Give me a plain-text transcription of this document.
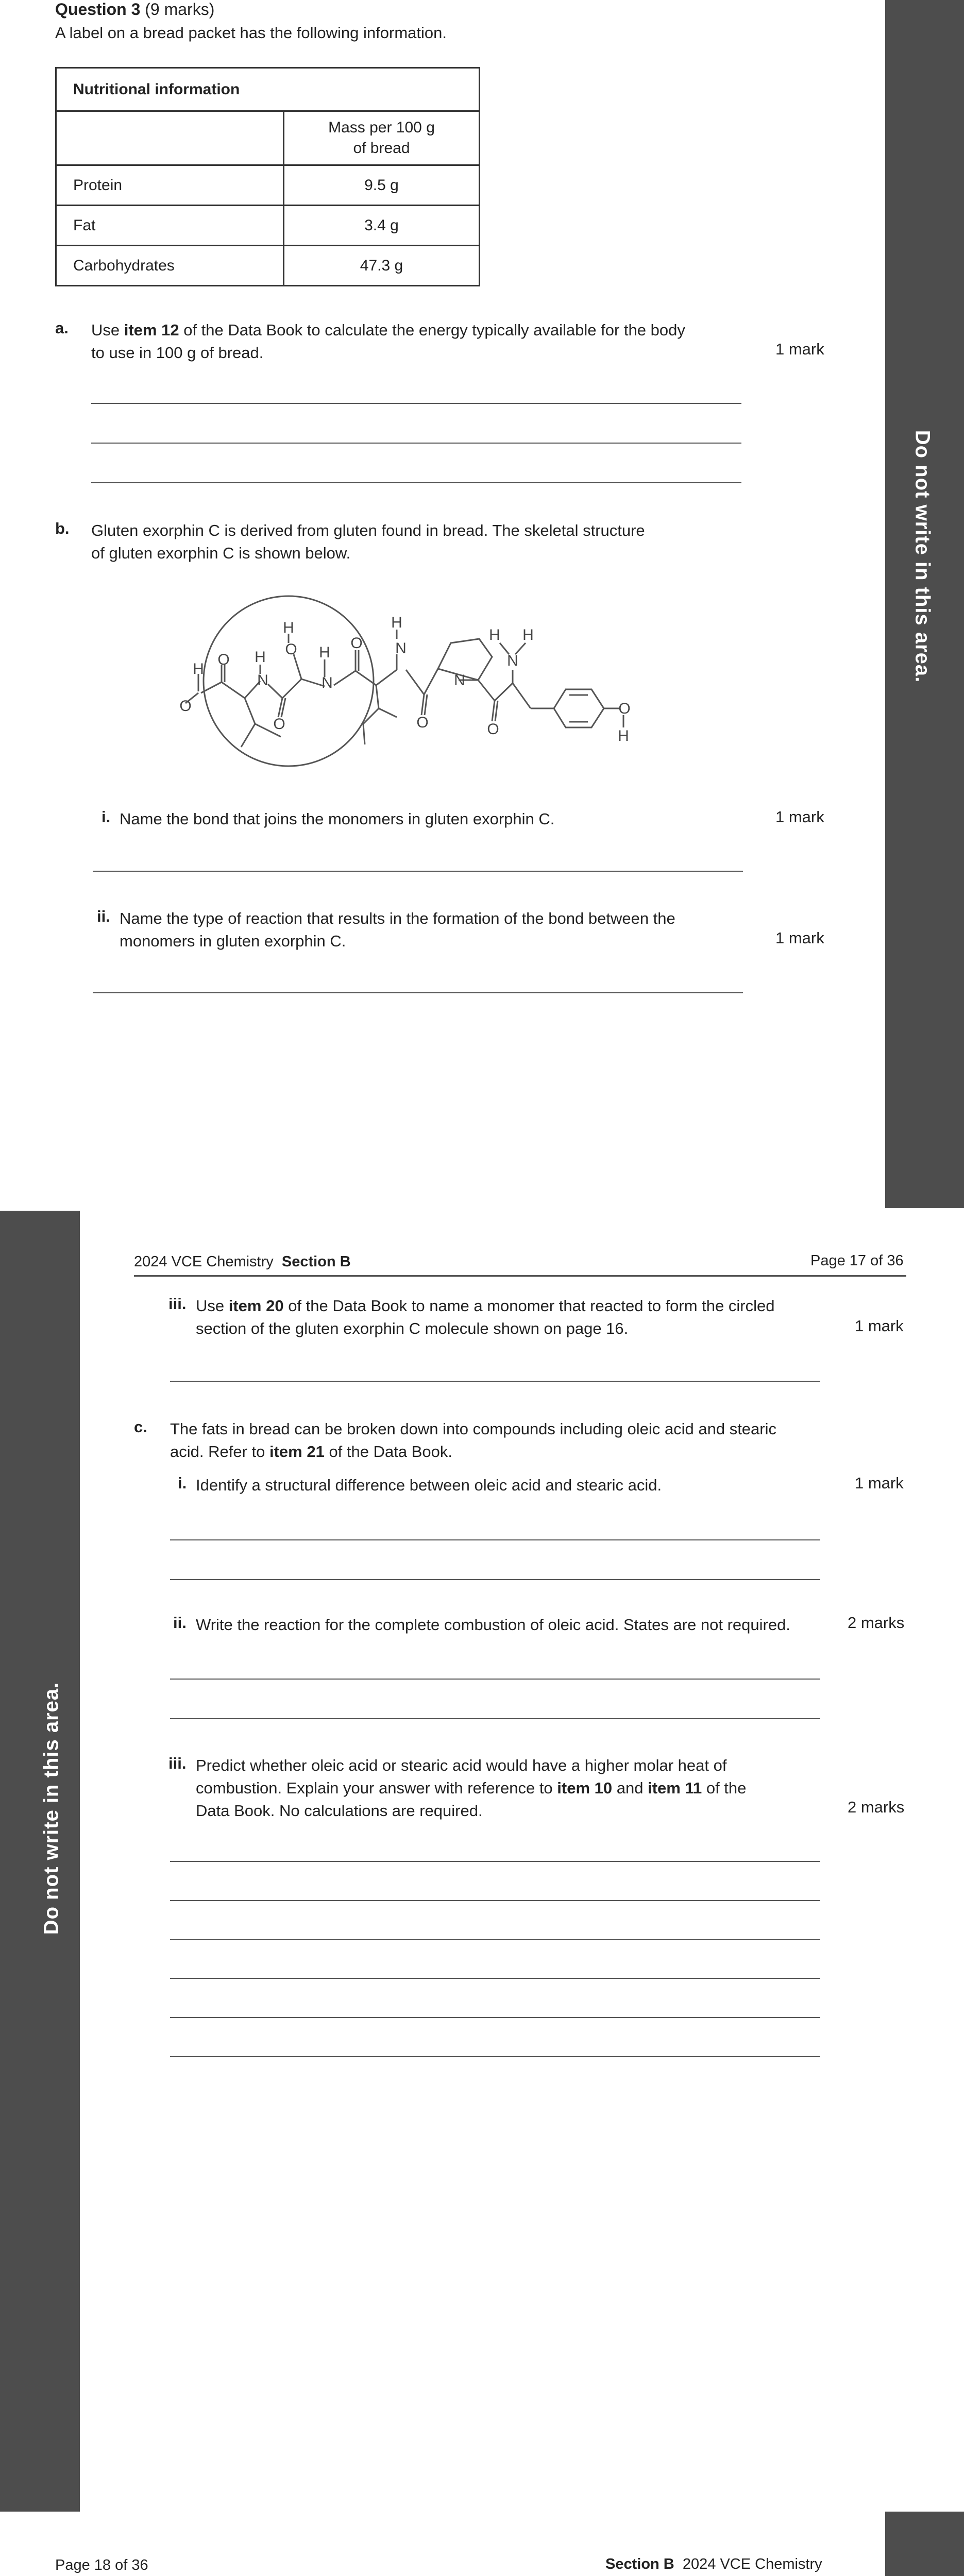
Do not write in this area.
Question 3 (9 marks)
A label on a bread packet has the following information.
Nutritional information	
	Mass per 100 g
of bread
Protein	9.5 g
Fat	3.4 g
Carbohydrates	47.3 g
a. Use item 12 of the Data Book to calculate the energy typically available for the body
to use in 100 g of bread.	1 mark
b. Gluten exorphin C is derived from gluten found in bread. The skeletal structure
of gluten exorphin C is shown below.
H
O
O H
N
O
H
O H
N
O
H
N
O
N
O
H H
N
O
H
i. Name the bond that joins the monomers in gluten exorphin C.	1 mark
ii. Name the type of reaction that results in the formation of the bond between the
monomers in gluten exorphin C.	1 mark
Do not write in this area.
2024 VCE Chemistry Section B	Page 17 of 36
iii. Use item 20 of the Data Book to name a monomer that reacted to form the circled
section of the gluten exorphin C molecule shown on page 16.	1 mark
c. The fats in bread can be broken down into compounds including oleic acid and stearic
acid. Refer to item 21 of the Data Book.
i. Identify a structural difference between oleic acid and stearic acid.	1 mark
ii. Write the reaction for the complete combustion of oleic acid. States are not required.	2 marks
iii. Predict whether oleic acid or stearic acid would have a higher molar heat of
combustion. Explain your answer with reference to item 10 and item 11 of the
Data Book. No calculations are required.	2 marks
Page 18 of 36	Section B 2024 VCE Chemistry
